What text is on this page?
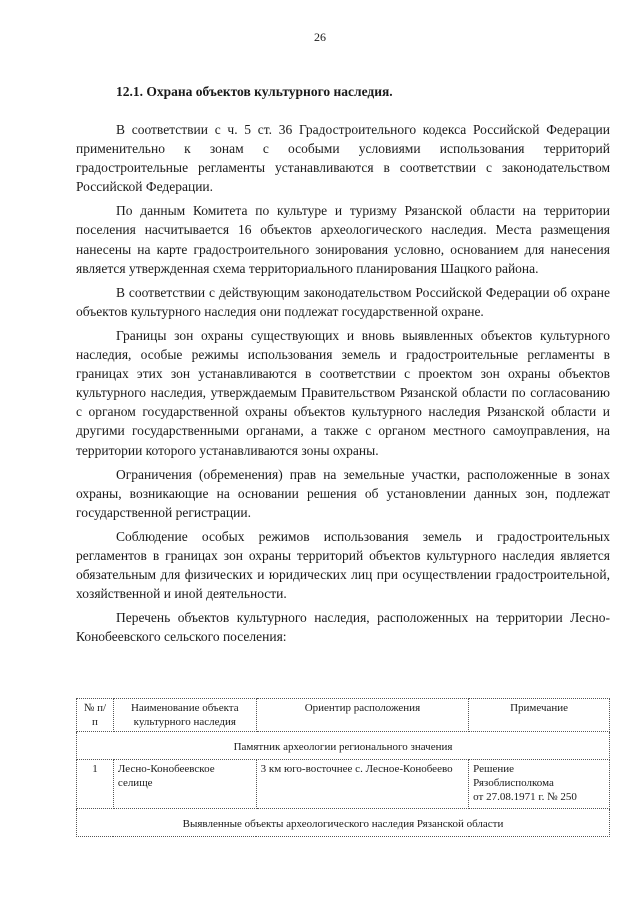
26
12.1. Охрана объектов культурного наследия.

В соответствии с ч. 5 ст. 36 Градостроительного кодекса Российской Федерации применительно к зонам с особыми условиями использования территорий градостроительные регламенты устанавливаются в соответствии с законодательством Российской Федерации.

По данным Комитета по культуре и туризму Рязанской области на территории поселения насчитывается 16 объектов археологического наследия. Места размещения нанесены на карте градостроительного зонирования условно, основанием для нанесения является утвержденная схема территориального планирования Шацкого района.

В соответствии с действующим законодательством Российской Федерации об охране объектов культурного наследия они подлежат государственной охране.

Границы зон охраны существующих и вновь выявленных объектов культурного наследия, особые режимы использования земель и градостроительные регламенты в границах этих зон устанавливаются в соответствии с проектом зон охраны объектов культурного наследия, утверждаемым Правительством Рязанской области по согласованию с органом государственной охраны объектов культурного наследия Рязанской области и другими государственными органами, а также с органом местного самоуправления, на территории которого устанавливаются зоны охраны.

Ограничения (обременения) прав на земельные участки, расположенные в зонах охраны, возникающие на основании решения об установлении данных зон, подлежат государственной регистрации.

Соблюдение особых режимов использования земель и градостроительных регламентов в границах зон охраны территорий объектов культурного наследия является обязательным для физических и юридических лиц при осуществлении градостроительной, хозяйственной и иной деятельности.

Перечень объектов культурного наследия, расположенных на территории Лесно-Конобеевского сельского поселения:

№ п/п	Наименование объекта культурного наследия	Ориентир расположения	Примечание
Памятник археологии регионального значения			
1	Лесно-Конобеевское селище	3 км юго-восточнее с. Лесное-Конобеево	Решение
Рязоблисполкома
от 27.08.1971 г. № 250

Выявленные объекты археологического наследия Рязанской области			
